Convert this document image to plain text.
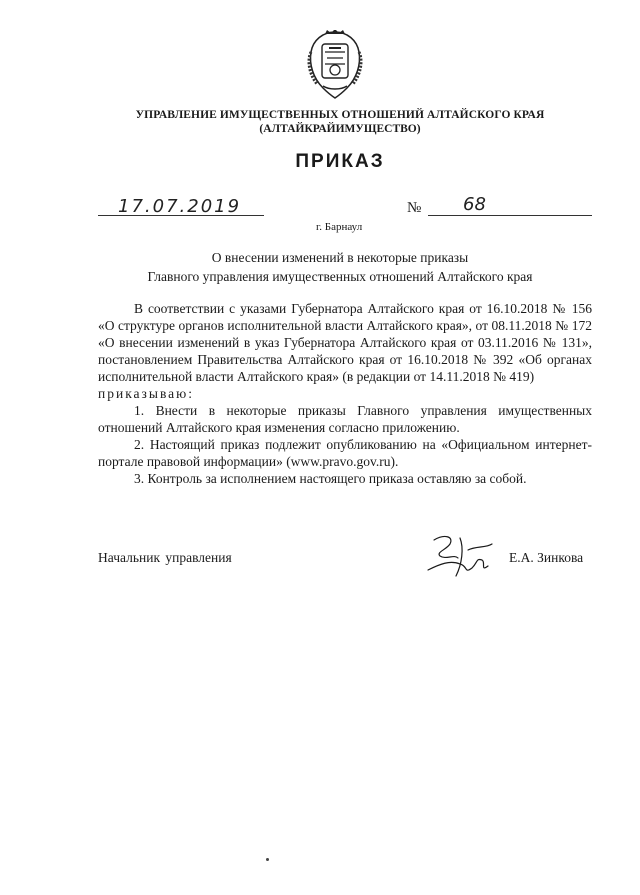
УПРАВЛЕНИЕ ИМУЩЕСТВЕННЫХ ОТНОШЕНИЙ АЛТАЙСКОГО КРАЯ
(АЛТАЙКРАЙИМУЩЕСТВО)
ПРИКАЗ
17.07.2019	№ 68
г. Барнаул
О внесении изменений в некоторые приказы
Главного управления имущественных отношений Алтайского края

В соответствии с указами Губернатора Алтайского края от 16.10.2018 № 156 «О структуре органов исполнительной власти Алтайского края», от 08.11.2018 № 172 «О внесении изменений в указ Губернатора Алтайского края от 03.11.2016 № 131», постановлением Правительства Алтайского края от 16.10.2018 № 392 «Об органах исполнительной власти Алтайского края» (в редакции от 14.11.2018 № 419)

приказываю:

1. Внести в некоторые приказы Главного управления имущественных отношений Алтайского края изменения согласно приложению.

2. Настоящий приказ подлежит опубликованию на «Официальном интернет-портале правовой информации» (www.pravo.gov.ru).

3. Контроль за исполнением настоящего приказа оставляю за собой.

Начальник управления	Е.А. Зинкова
